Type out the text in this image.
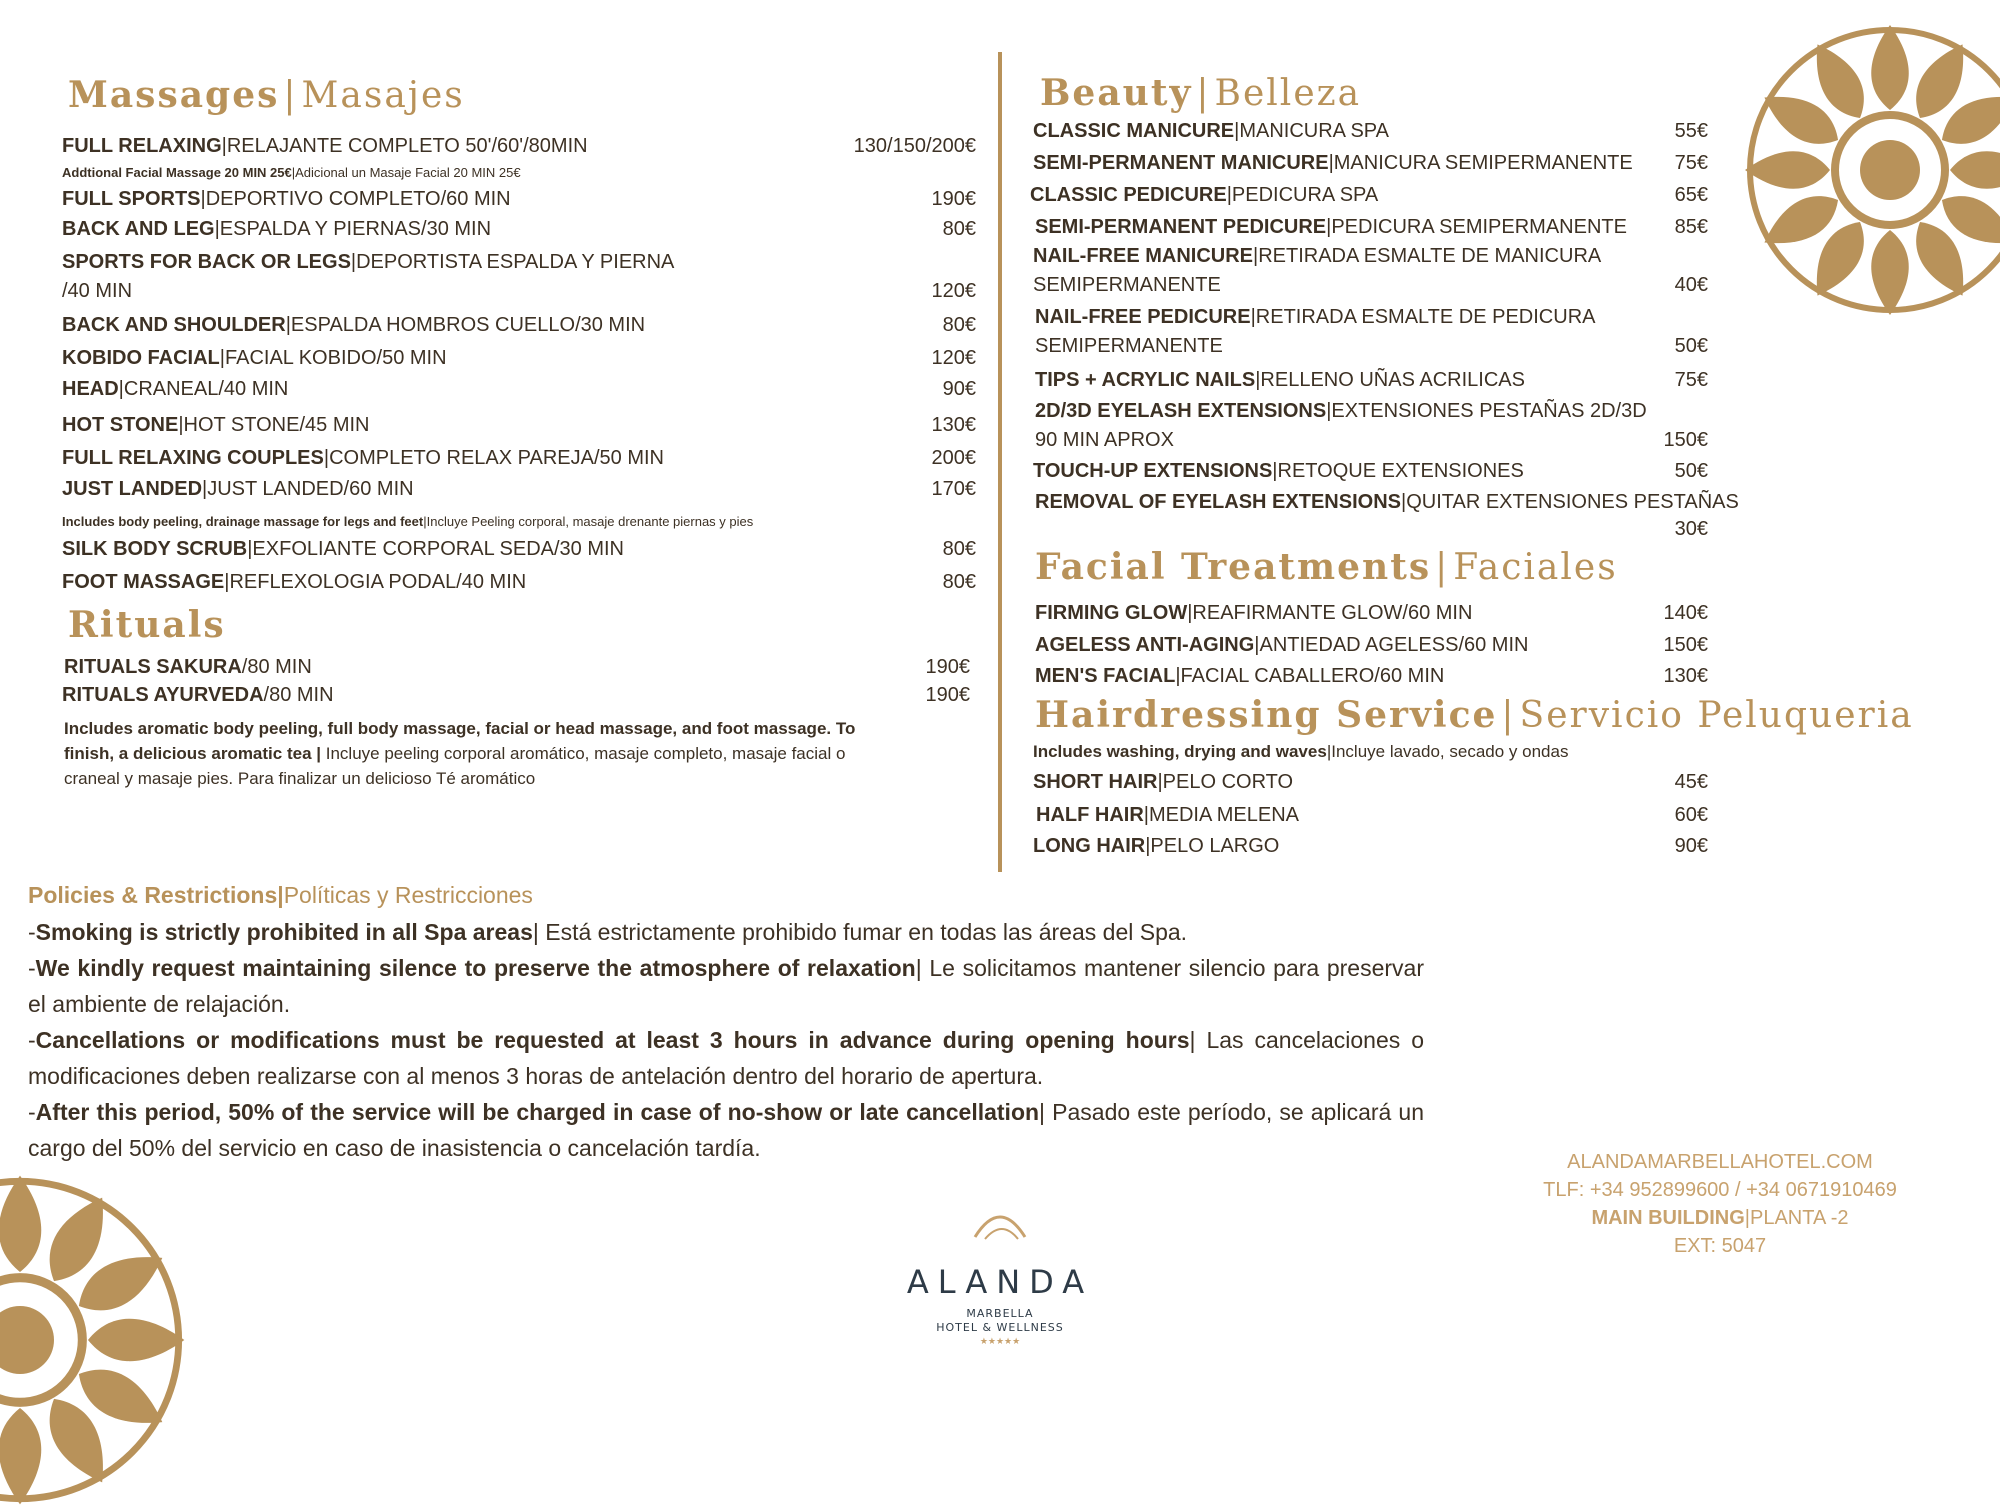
Massages | Masajes
FULL RELAXING|RELAJANTE COMPLETO 50'/60'/80MIN	130/150/200€
Addtional Facial Massage 20 MIN 25€|Adicional un Masaje Facial 20 MIN 25€
FULL SPORTS|DEPORTIVO COMPLETO/60 MIN	190€
BACK AND LEG|ESPALDA Y PIERNAS/30 MIN	80€
SPORTS FOR BACK OR LEGS|DEPORTISTA ESPALDA Y PIERNA
/40 MIN	120€
BACK AND SHOULDER|ESPALDA HOMBROS CUELLO/30 MIN	80€
KOBIDO FACIAL|FACIAL KOBIDO/50 MIN	120€
HEAD|CRANEAL/40 MIN	90€
HOT STONE|HOT STONE/45 MIN	130€
FULL RELAXING COUPLES|COMPLETO RELAX PAREJA/50 MIN	200€
JUST LANDED|JUST LANDED/60 MIN	170€
Includes body peeling, drainage massage for legs and feet|Incluye Peeling corporal, masaje drenante piernas y pies
SILK BODY SCRUB|EXFOLIANTE CORPORAL SEDA/30 MIN	80€
FOOT MASSAGE|REFLEXOLOGIA PODAL/40 MIN	80€
Rituals
RITUALS SAKURA/80 MIN	190€
RITUALS AYURVEDA/80 MIN	190€
Includes aromatic body peeling, full body massage, facial or head massage, and foot massage. To
finish, a delicious aromatic tea | Incluye peeling corporal aromático, masaje completo, masaje facial o
craneal y masaje pies. Para finalizar un delicioso Té aromático
Beauty | Belleza
CLASSIC MANICURE|MANICURA SPA	55€
SEMI-PERMANENT MANICURE|MANICURA SEMIPERMANENTE	75€
CLASSIC PEDICURE|PEDICURA SPA	65€
SEMI-PERMANENT PEDICURE|PEDICURA SEMIPERMANENTE	85€
NAIL-FREE MANICURE|RETIRADA ESMALTE DE MANICURA
SEMIPERMANENTE	40€
NAIL-FREE PEDICURE|RETIRADA ESMALTE DE PEDICURA
SEMIPERMANENTE	50€
TIPS + ACRYLIC NAILS|RELLENO UÑAS ACRILICAS	75€
2D/3D EYELASH EXTENSIONS|EXTENSIONES PESTAÑAS 2D/3D
90 MIN APROX	150€
TOUCH-UP EXTENSIONS|RETOQUE EXTENSIONES	50€
REMOVAL OF EYELASH EXTENSIONS|QUITAR EXTENSIONES PESTAÑAS
30€
Facial Treatments | Faciales
FIRMING GLOW|REAFIRMANTE GLOW/60 MIN	140€
AGELESS ANTI-AGING|ANTIEDAD AGELESS/60 MIN	150€
MEN'S FACIAL|FACIAL CABALLERO/60 MIN	130€
Hairdressing Service | Servicio Peluqueria
Includes washing, drying and waves|Incluye lavado, secado y ondas
SHORT HAIR|PELO CORTO	45€
HALF HAIR|MEDIA MELENA	60€
LONG HAIR|PELO LARGO	90€
Policies & Restrictions|Políticas y Restricciones
-Smoking is strictly prohibited in all Spa areas| Está estrictamente prohibido fumar en todas las áreas del Spa.
-We kindly request maintaining silence to preserve the atmosphere of relaxation| Le solicitamos mantener silencio para preservar el ambiente de relajación.
-Cancellations or modifications must be requested at least 3 hours in advance during opening hours| Las cancelaciones o modificaciones deben realizarse con al menos 3 horas de antelación dentro del horario de apertura.
-After this period, 50% of the service will be charged in case of no-show or late cancellation| Pasado este período, se aplicará un cargo del 50% del servicio en caso de inasistencia o cancelación tardía.
ALANDAMARBELLAHOTEL.COM
TLF: +34 952899600 / +34 0671910469
MAIN BUILDING|PLANTA -2
EXT: 5047
ALANDA
MARBELLA
HOTEL & WELLNESS
★★★★★
